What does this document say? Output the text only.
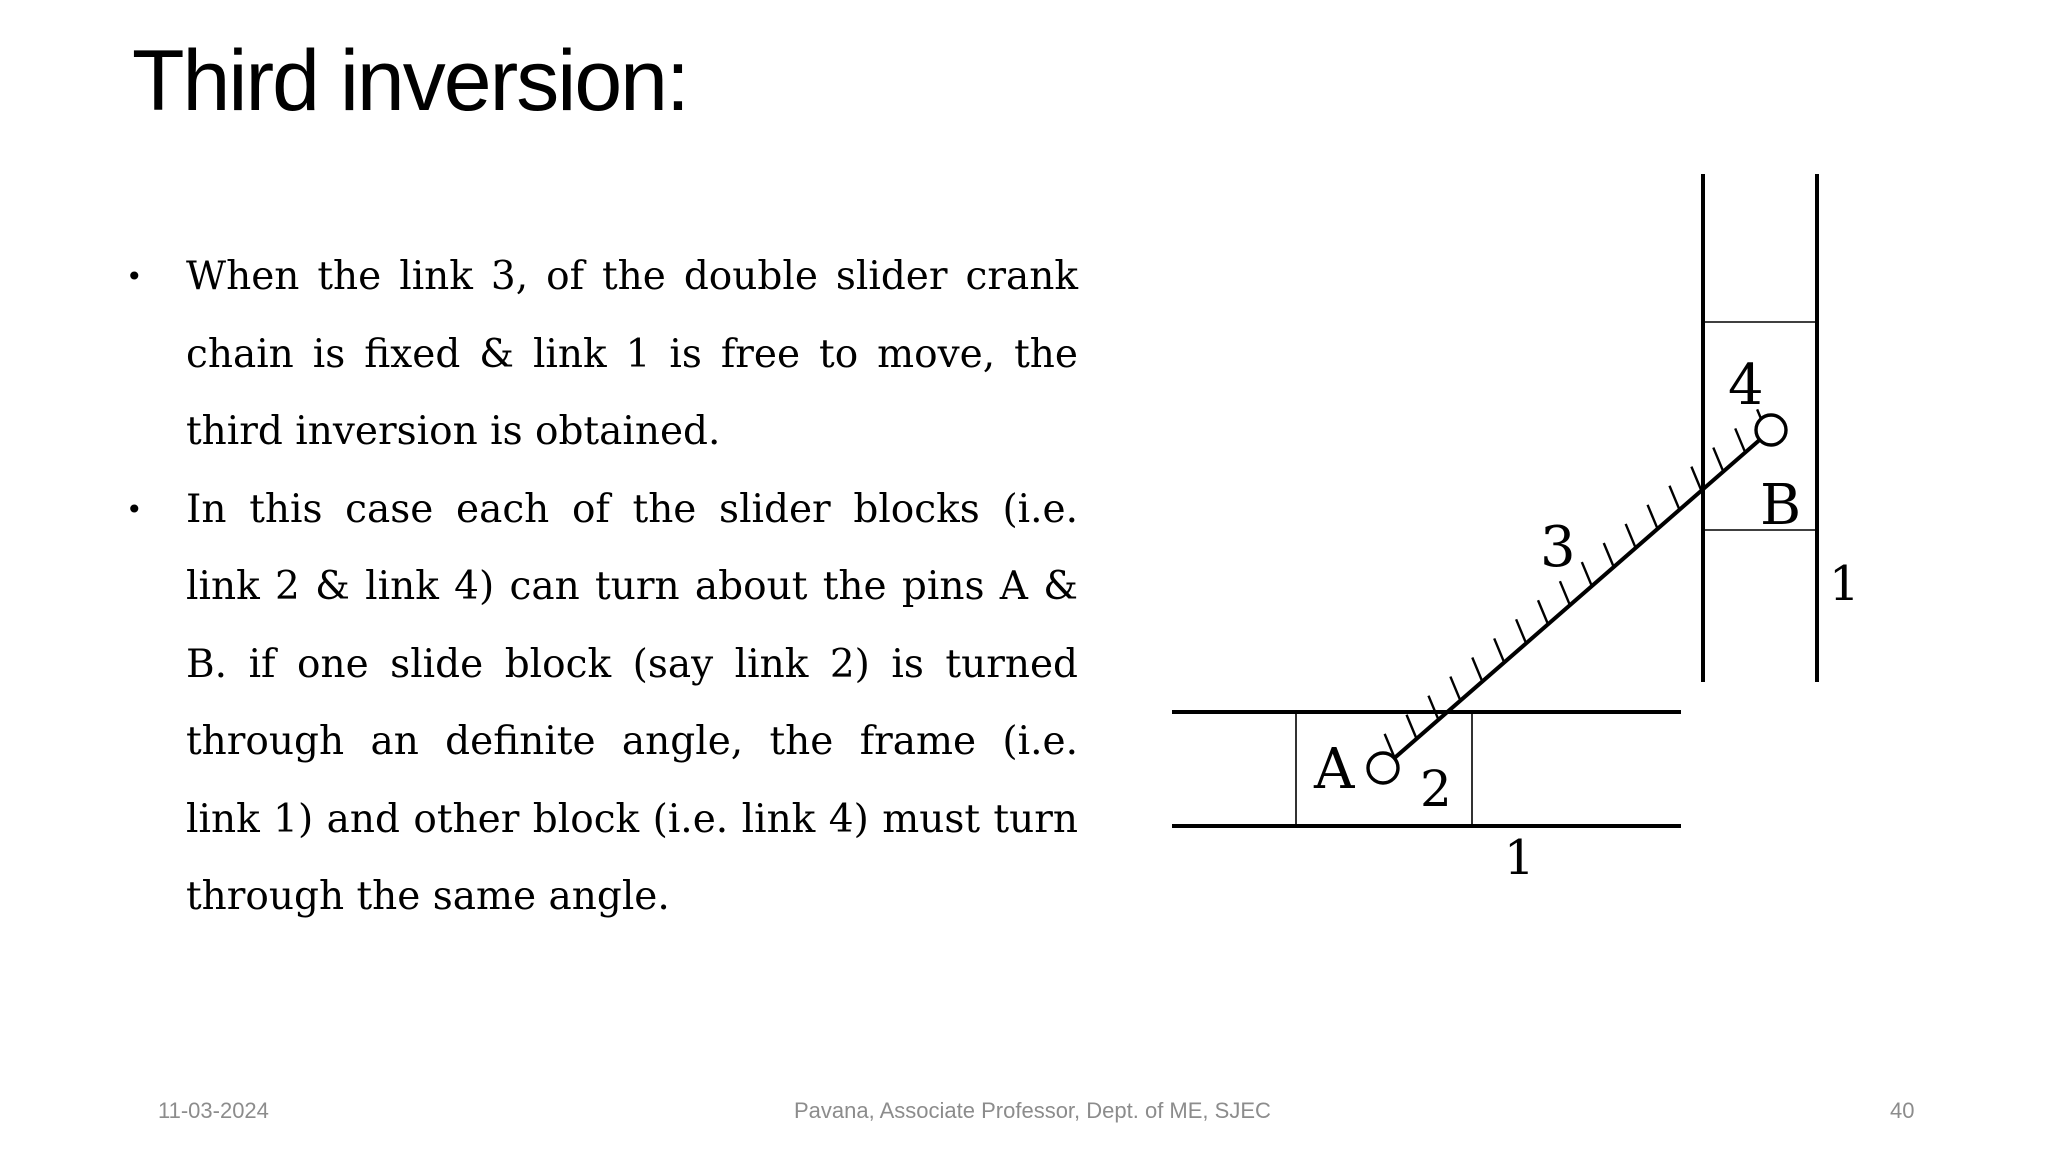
Third inversion:
• When the link 3, of the double slider crank chain is fixed & link 1 is free to move, the third inversion is obtained.
• In this case each of the slider blocks (i.e. link 2 & link 4) can turn about the pins A & B. if one slide block (say link 2) is turned through an definite angle, the frame (i.e. link 1) and other block (i.e. link 4) must turn through the same angle.
4
B
3
1
A 2
1
11-03-2024	Pavana, Associate Professor, Dept. of ME, SJEC	40
